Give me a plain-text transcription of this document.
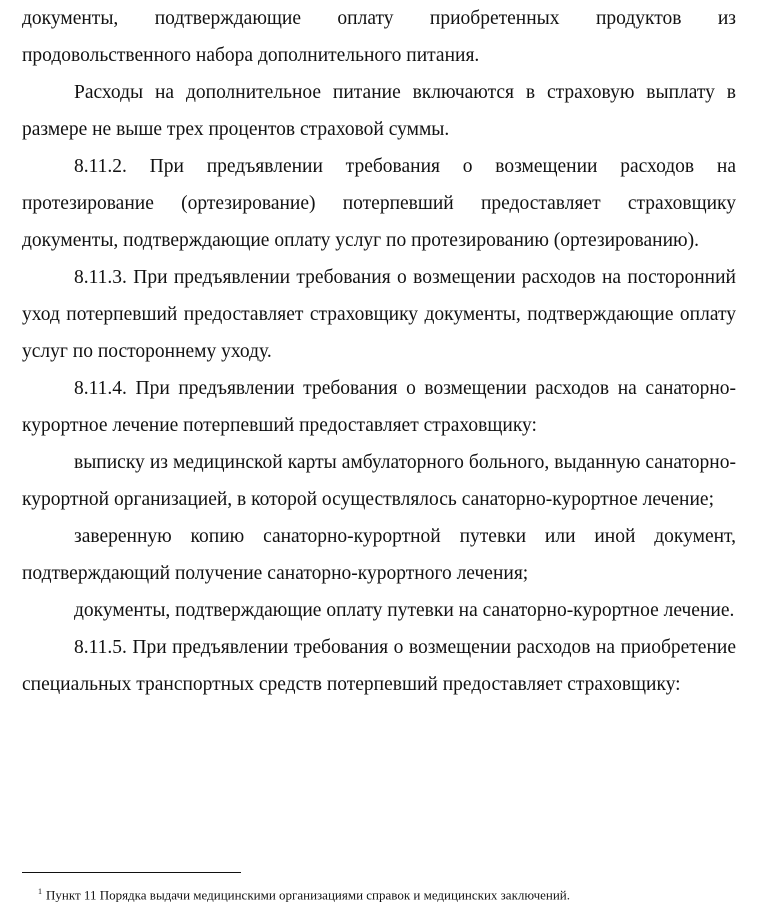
документы, подтверждающие оплату приобретенных продуктов из продовольственного набора дополнительного питания.

Расходы на дополнительное питание включаются в страховую выплату в размере не выше трех процентов страховой суммы.

8.11.2. При предъявлении требования о возмещении расходов на протезирование (ортезирование) потерпевший предоставляет страховщику документы, подтверждающие оплату услуг по протезированию (ортезированию).

8.11.3. При предъявлении требования о возмещении расходов на посторонний уход потерпевший предоставляет страховщику документы, подтверждающие оплату услуг по постороннему уходу.

8.11.4. При предъявлении требования о возмещении расходов на санаторно-курортное лечение потерпевший предоставляет страховщику:

выписку из медицинской карты амбулаторного больного, выданную санаторно-курортной организацией, в которой осуществлялось санаторно-курортное лечение;

заверенную копию санаторно-курортной путевки или иной документ, подтверждающий получение санаторно-курортного лечения;

документы, подтверждающие оплату путевки на санаторно-курортное лечение.

8.11.5. При предъявлении требования о возмещении расходов на приобретение специальных транспортных средств потерпевший предоставляет страховщику:

$^1$ Пункт 11 Порядка выдачи медицинскими организациями справок и медицинских заключений.
